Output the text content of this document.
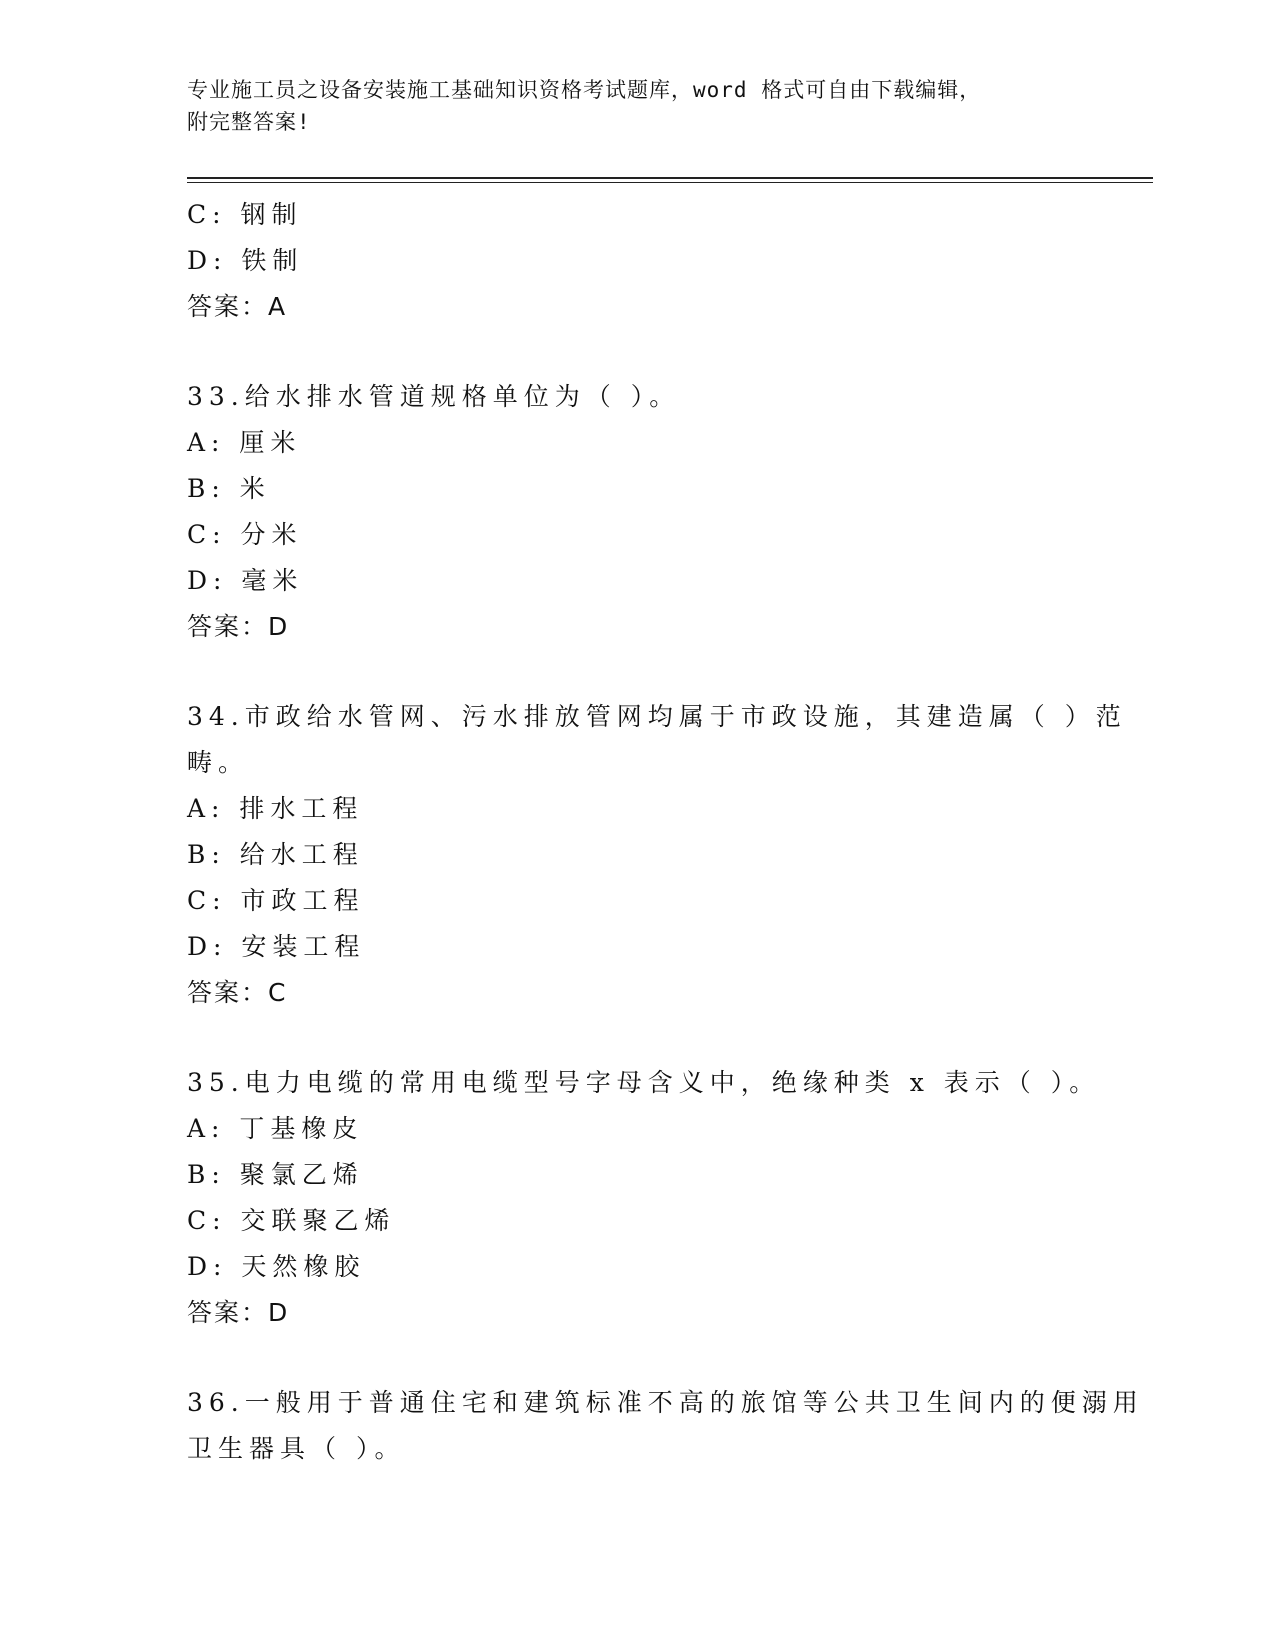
专业施工员之设备安装施工基础知识资格考试题库，word 格式可自由下载编辑，
附完整答案!
C: 钢制
D: 铁制
答案：A
33.给水排水管道规格单位为（ ）。
A: 厘米
B: 米
C: 分米
D: 毫米
答案：D
34.市政给水管网、污水排放管网均属于市政设施，其建造属（ ）范
畴。
A: 排水工程
B: 给水工程
C: 市政工程
D: 安装工程
答案：C
35.电力电缆的常用电缆型号字母含义中，绝缘种类 x 表示（ ）。
A: 丁基橡皮
B: 聚氯乙烯
C: 交联聚乙烯
D: 天然橡胶
答案：D
36.一般用于普通住宅和建筑标准不高的旅馆等公共卫生间内的便溺用
卫生器具（ ）。
